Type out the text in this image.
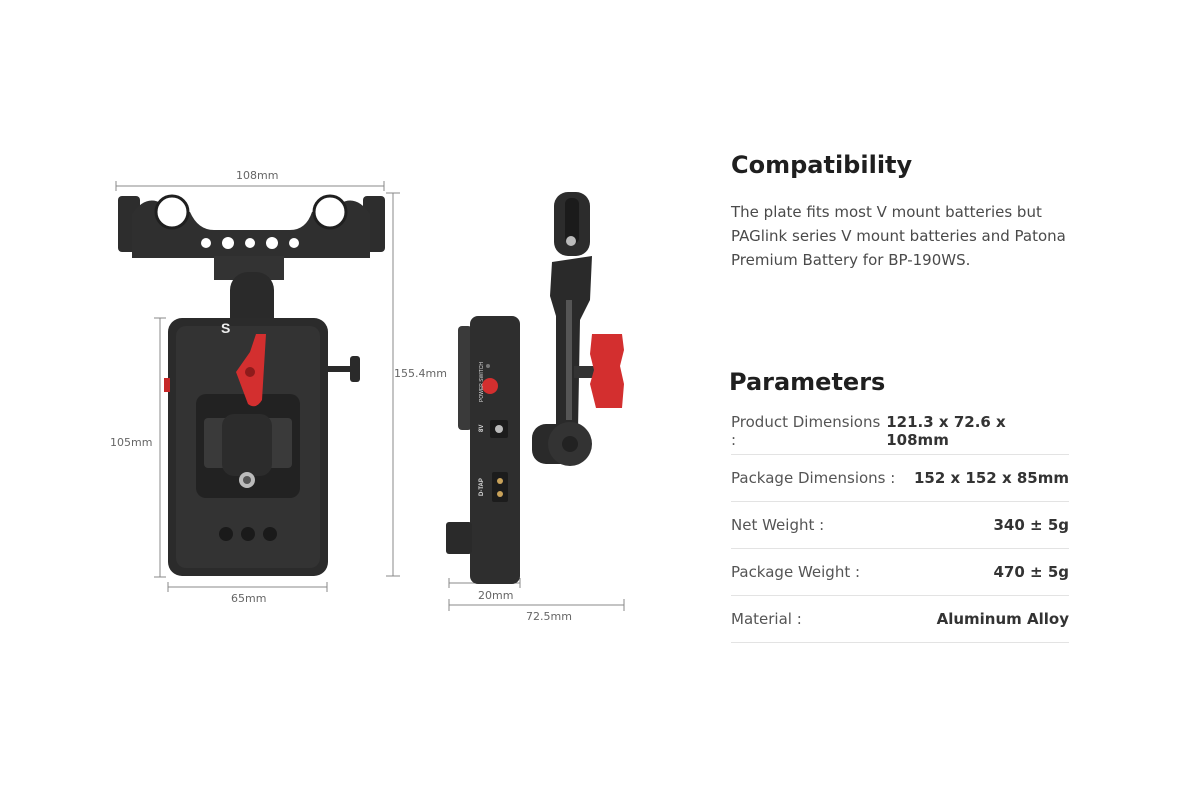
S
POWER SWITCH
8V
D-TAP
108mm
155.4mm
105mm
65mm	20mm
72.5mm
Compatibility

The plate fits most V mount batteries but PAGlink series V mount batteries and Patona Premium Battery for BP-190WS.

Parameters
Product Dimensions :
121.3 x 72.6 x 108mm
Package Dimensions : 152 x 152 x 85mm
Net Weight :	340 ± 5g
Package Weight :	470 ± 5g
Material :	Aluminum Alloy
